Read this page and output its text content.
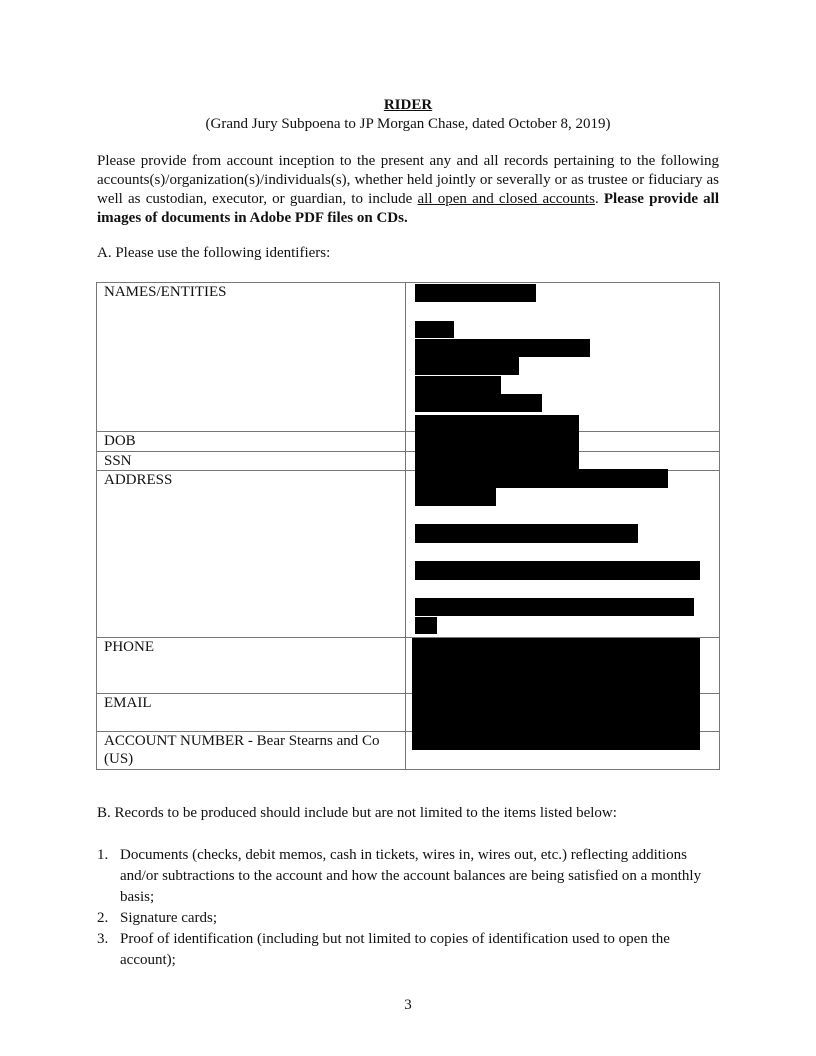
RIDER
(Grand Jury Subpoena to JP Morgan Chase, dated October 8, 2019)
Please provide from account inception to the present any and all records pertaining to the following accounts(s)/organization(s)/individuals(s), whether held jointly or severally or as trustee or fiduciary as well as custodian, executor, or guardian, to include all open and closed accounts. Please provide all images of documents in Adobe PDF files on CDs.
A. Please use the following identifiers:
NAMES/ENTITIES	
DOB	
SSN	
ADDRESS	
PHONE	
EMAIL	
ACCOUNT NUMBER - Bear Stearns and Co (US)	
B. Records to be produced should include but are not limited to the items listed below:
1. Documents (checks, debit memos, cash in tickets, wires in, wires out, etc.) reflecting additions and/or subtractions to the account and how the account balances are being satisfied on a monthly basis;
2. Signature cards;
3. Proof of identification (including but not limited to copies of identification used to open the account);
3
